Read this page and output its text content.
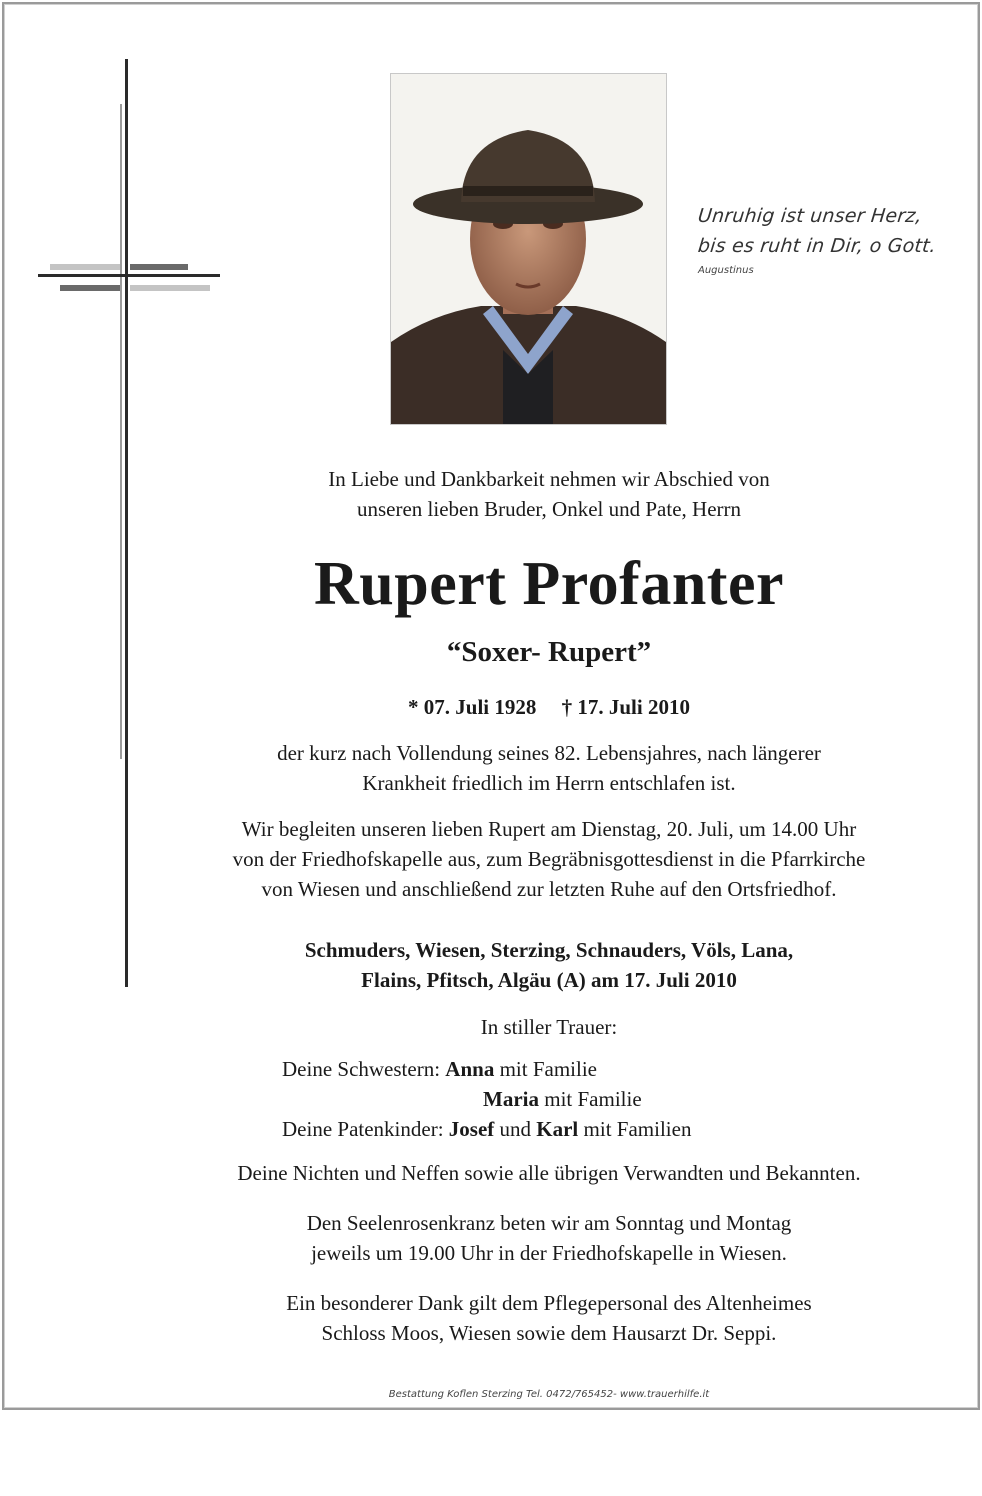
Unruhig ist unser Herz,
bis es ruht in Dir, o Gott.
Augustinus
In Liebe und Dankbarkeit nehmen wir Abschied von
unseren lieben Bruder, Onkel und Pate, Herrn
Rupert Profanter
“Soxer- Rupert”
* 07. Juli 1928 † 17. Juli 2010
der kurz nach Vollendung seines 82. Lebensjahres, nach längerer
Krankheit friedlich im Herrn entschlafen ist.
Wir begleiten unseren lieben Rupert am Dienstag, 20. Juli, um 14.00 Uhr
von der Friedhofskapelle aus, zum Begräbnisgottesdienst in die Pfarrkirche
von Wiesen und anschließend zur letzten Ruhe auf den Ortsfriedhof.
Schmuders, Wiesen, Sterzing, Schnauders, Völs, Lana,
Flains, Pfitsch, Algäu (A) am 17. Juli 2010
In stiller Trauer:
Deine Schwestern: Anna mit Familie
Maria mit Familie
Deine Patenkinder: Josef und Karl mit Familien
Deine Nichten und Neffen sowie alle übrigen Verwandten und Bekannten.
Den Seelenrosenkranz beten wir am Sonntag und Montag
jeweils um 19.00 Uhr in der Friedhofskapelle in Wiesen.
Ein besonderer Dank gilt dem Pflegepersonal des Altenheimes
Schloss Moos, Wiesen sowie dem Hausarzt Dr. Seppi.
Bestattung Koflen Sterzing Tel. 0472/765452- www.trauerhilfe.it
